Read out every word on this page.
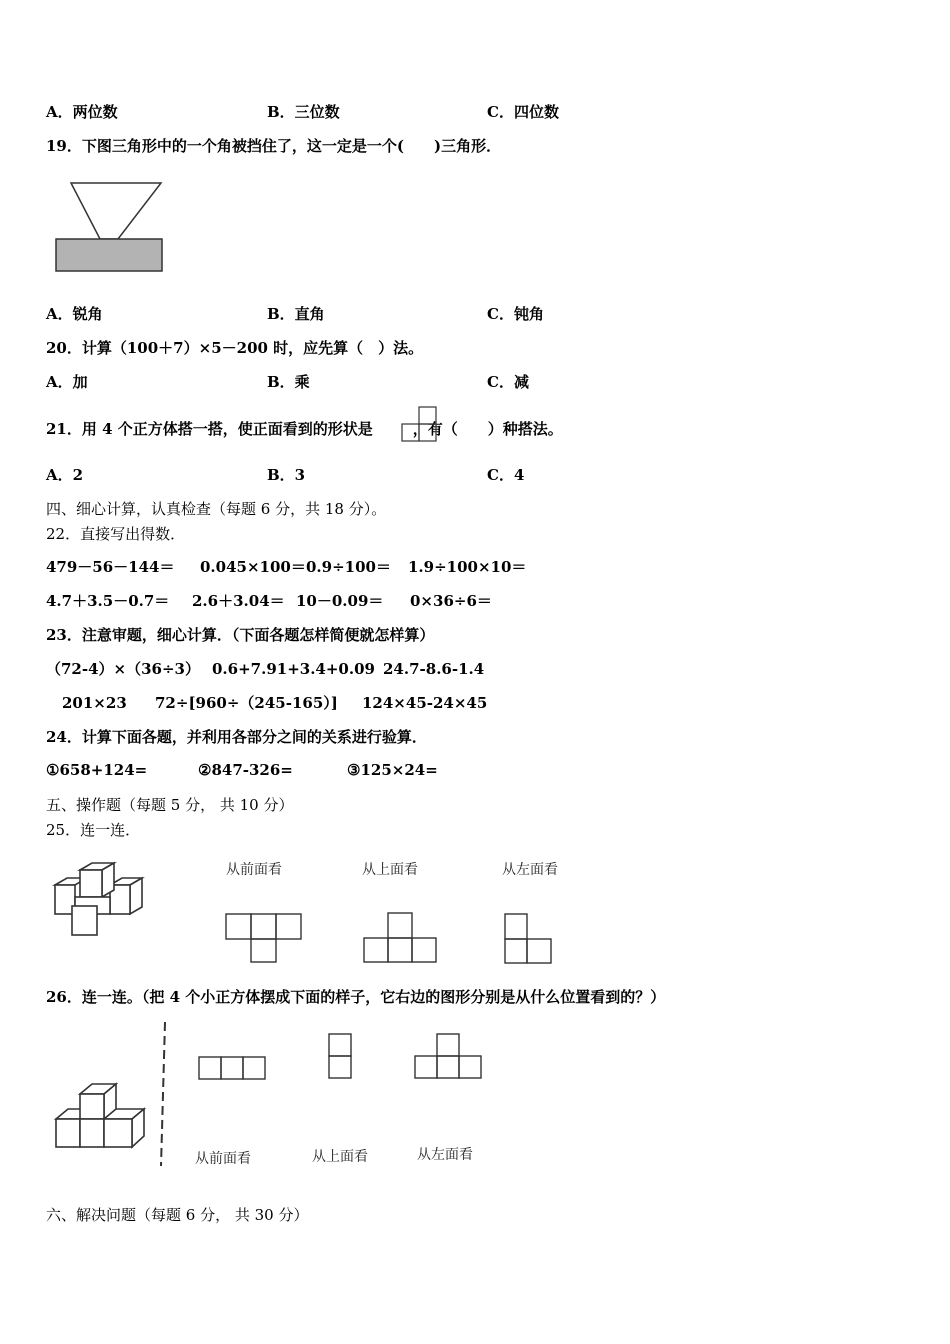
A．两位数	B．三位数	C．四位数
19．下图三角形中的一个角被挡住了，这一定是一个(　　)三角形．
A．锐角	B．直角	C．钝角
20．计算（100＋7）×5－200 时，应先算（　）法。
A．加	B．乘	C．减
21．用 4 个正方体搭一搭，使正面看到的形状是	，有（　　）种搭法。
A．2	B．3	C．4
四、细心计算，认真检查（每题 6 分，共 18 分）。
22．直接写出得数．
479－56－144＝ 0.045×100＝ 0.9÷100＝ 1.9÷100×10＝
4.7＋3.5－0.7＝ 2.6＋3.04＝ 10－0.09＝ 0×36÷6＝
23．注意审题，细心计算．（下面各题怎样简便就怎样算）
（72-4）×（36÷3） 0.6+7.91+3.4+0.09 24.7-8.6-1.4
201×23 72÷[960÷（245-165）] 124×45-24×45
24．计算下面各题，并利用各部分之间的关系进行验算．
①658+124=	②847-326=	③125×24=
五、操作题（每题 5 分， 共 10 分）
25．连一连．
从前面看	从上面看	从左面看
26．连一连。（把 4 个小正方体摆成下面的样子，它右边的图形分别是从什么位置看到的？）
从前面看	从上面看	从左面看
六、解决问题（每题 6 分， 共 30 分）
